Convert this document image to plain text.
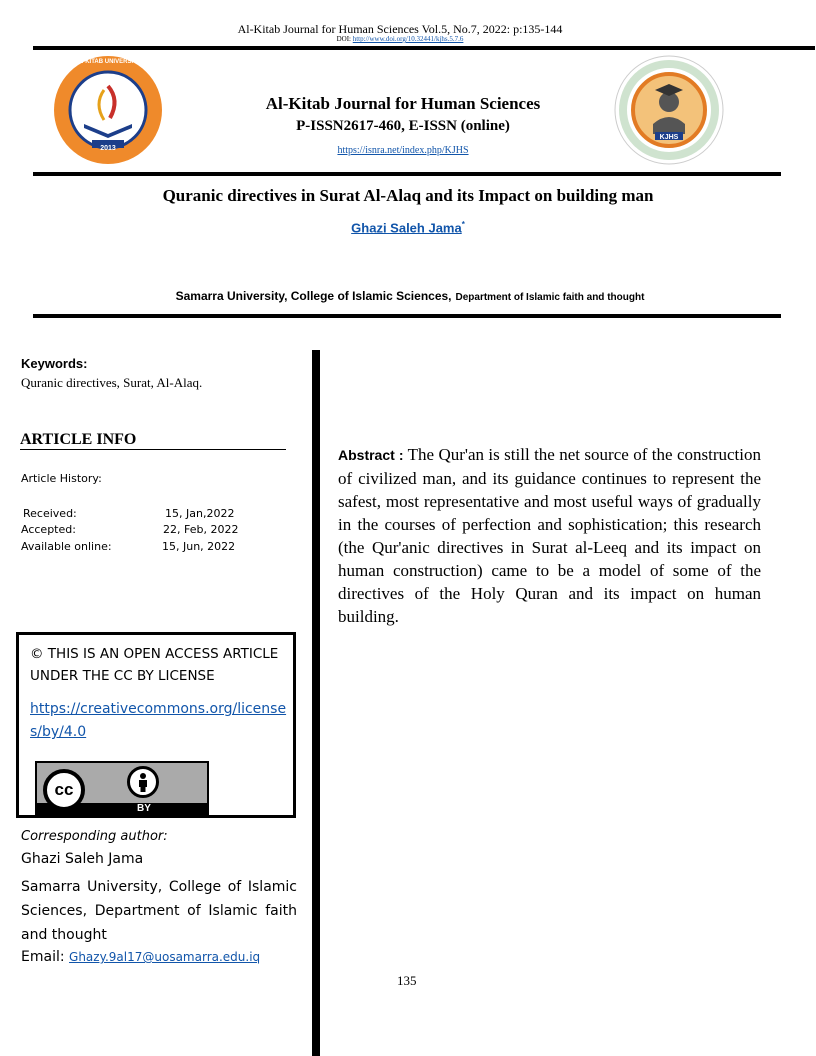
Al-Kitab Journal for Human Sciences Vol.5, No.7, 2022: p:135-144
DOI: http://www.doi.org/10.32441/kjhs.5.7.6
AL-KITAB UNIVERSITY
2013
Al-Kitab Journal for Human Sciences
P-ISSN2617-460, E-ISSN (online)
https://isnra.net/index.php/KJHS
KJHS
Quranic directives in Surat Al-Alaq and its Impact on building man
Ghazi Saleh Jama*
Samarra University, College of Islamic Sciences, Department of Islamic faith and thought
Keywords:
Quranic directives, Surat, Al-Alaq.
ARTICLE INFO
Article History:
Received:	15, Jan,2022
Accepted:	22, Feb, 2022
Available online:	15, Jun, 2022
Abstract : The Qur'an is still the net source of the construction of civilized man, and its guidance continues to represent the safest, most representative and most useful ways of gradually in the courses of perfection and sophistication; this research (the Qur'anic directives in Surat al-Leeq and its impact on human construction) came to be a model of some of the directives of the Holy Quran and its impact on human building.
© THIS IS AN OPEN ACCESS ARTICLE UNDER THE CC BY LICENSE
https://creativecommons.org/licenses/by/4.0
cc
BY
Corresponding author:
Ghazi Saleh Jama
Samarra University, College of Islamic Sciences, Department of Islamic faith and thought
Email: Ghazy.9al17@uosamarra.edu.iq
135
